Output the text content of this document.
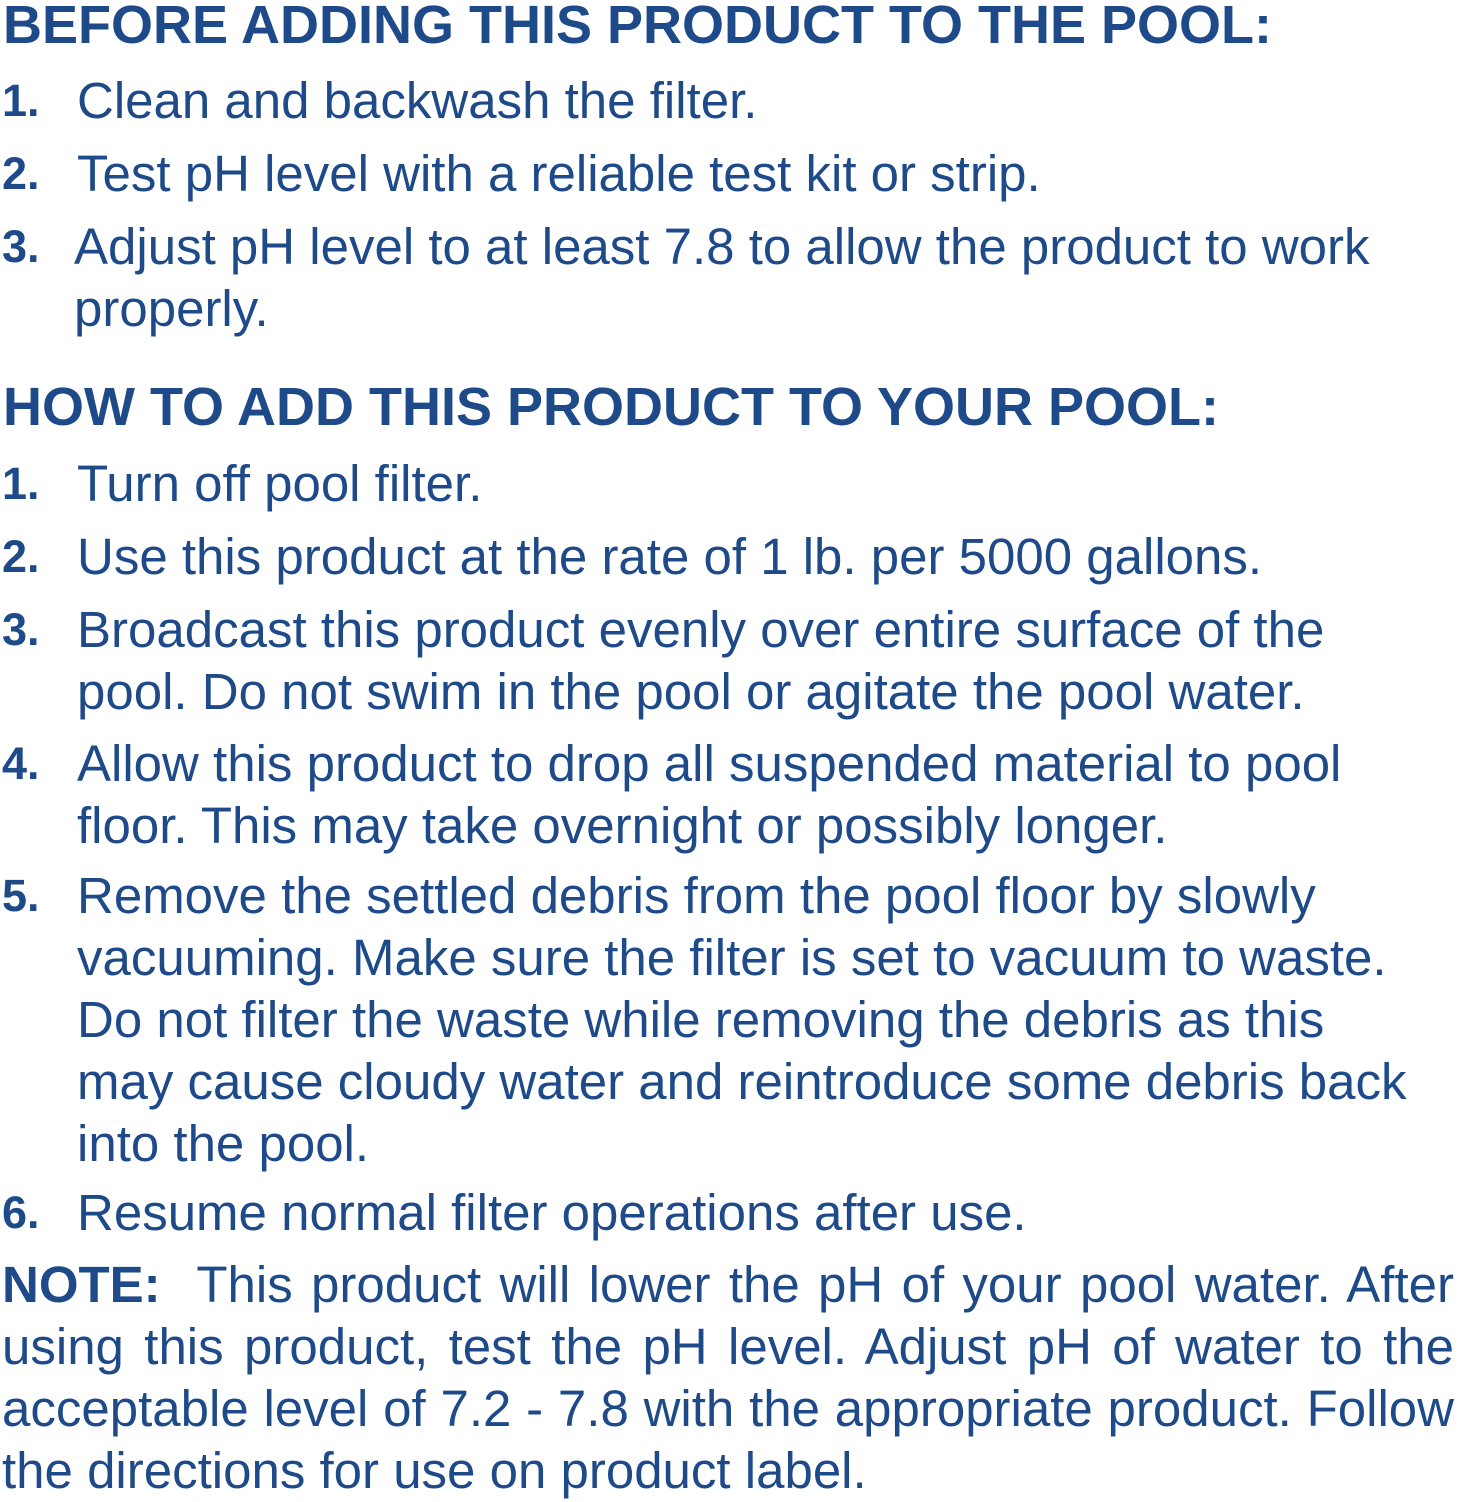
BEFORE ADDING THIS PRODUCT TO THE POOL:
1. Clean and backwash the filter.
2. Test pH level with a reliable test kit or strip.
3. Adjust pH level to at least 7.8 to allow the product to work
properly.
HOW TO ADD THIS PRODUCT TO YOUR POOL:
1. Turn off pool filter.
2. Use this product at the rate of 1 lb. per 5000 gallons.
3. Broadcast this product evenly over entire surface of the
pool. Do not swim in the pool or agitate the pool water.
4. Allow this product to drop all suspended material to pool
floor. This may take overnight or possibly longer.
5. Remove the settled debris from the pool floor by slowly
vacuuming. Make sure the filter is set to vacuum to waste.
Do not filter the waste while removing the debris as this
may cause cloudy water and reintroduce some debris back
into the pool.
6. Resume normal filter operations after use.
NOTE: This product will lower the pH of your pool water. After using this product, test the pH level. Adjust pH of water to the acceptable level of 7.2 - 7.8 with the appropriate product. Follow the directions for use on product label.
